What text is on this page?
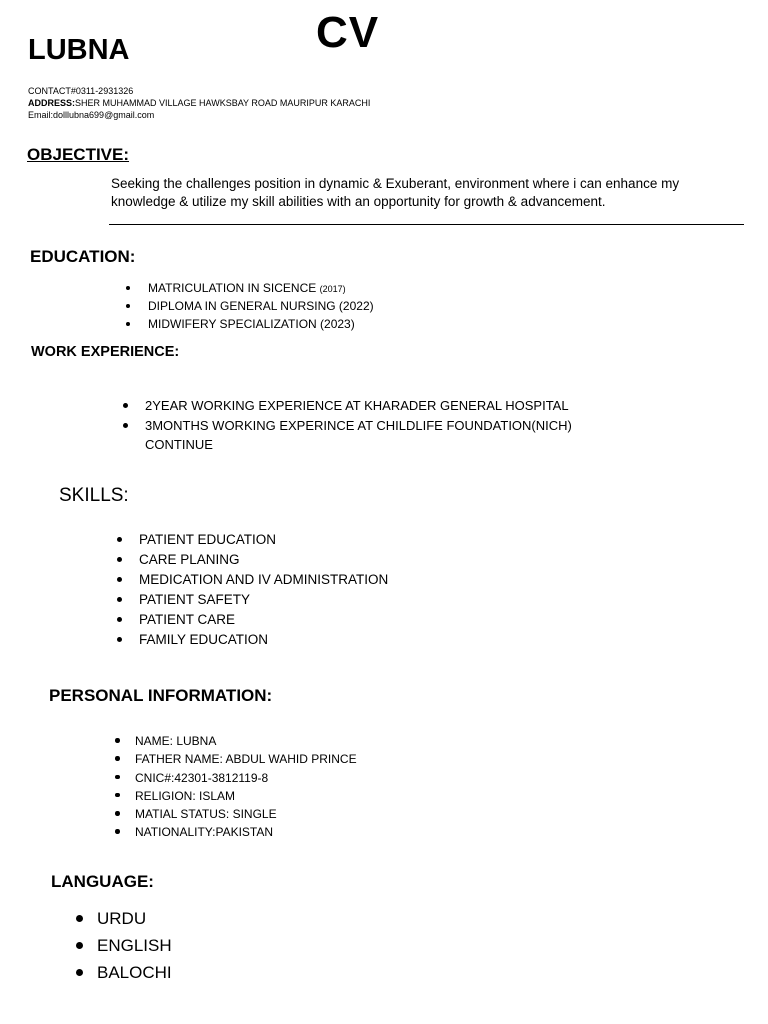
CV
LUBNA
CONTACT#0311-2931326
ADDRESS:SHER MUHAMMAD VILLAGE HAWKSBAY ROAD MAURIPUR KARACHI
Email:dolllubna699@gmail.com
OBJECTIVE:
Seeking the challenges position in dynamic & Exuberant, environment where i can enhance my
knowledge & utilize my skill abilities with an opportunity for growth & advancement.
EDUCATION:
MATRICULATION IN SICENCE (2017)
DIPLOMA IN GENERAL NURSING (2022)
MIDWIFERY SPECIALIZATION (2023)
WORK EXPERIENCE:
2YEAR WORKING EXPERIENCE AT KHARADER GENERAL HOSPITAL
3MONTHS WORKING EXPERINCE AT CHILDLIFE FOUNDATION(NICH)
CONTINUE
SKILLS:
PATIENT EDUCATION
CARE PLANING
MEDICATION AND IV ADMINISTRATION
PATIENT SAFETY
PATIENT CARE
FAMILY EDUCATION
PERSONAL INFORMATION:
NAME: LUBNA
FATHER NAME: ABDUL WAHID PRINCE
CNIC#:42301-3812119-8
RELIGION: ISLAM
MATIAL STATUS: SINGLE
NATIONALITY:PAKISTAN
LANGUAGE:
URDU
ENGLISH
BALOCHI
